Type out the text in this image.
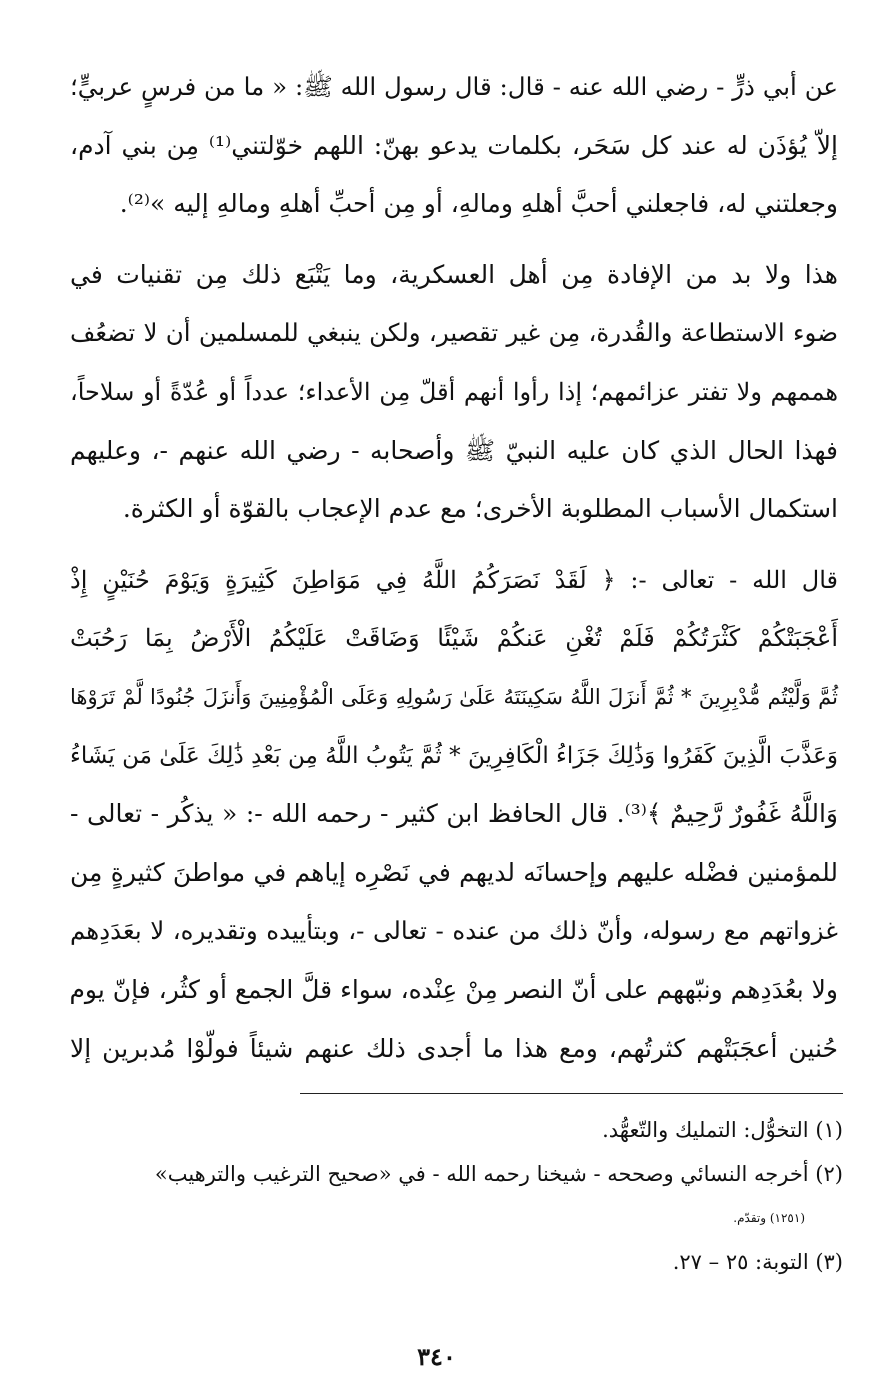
عن أبي ذرٍّ - رضي الله عنه - قال: قال رسول الله ﷺ: « ما من فرسٍ عربيٍّ؛
إلاّ يُؤذَن له عند كل سَحَر، بكلمات يدعو بهنّ: اللهم خوّلتني⁽¹⁾ مِن بني آدم،
وجعلتني له، فاجعلني أحبَّ أهلهِ ومالهِ، أو مِن أحبِّ أهلهِ ومالهِ إليه »⁽²⁾.

هذا ولا بد من الإفادة مِن أهل العسكرية، وما يَتْبَع ذلك مِن تقنيات في
ضوء الاستطاعة والقُدرة، مِن غير تقصير، ولكن ينبغي للمسلمين أن لا تضعُف
هممهم ولا تفتر عزائمهم؛ إذا رأوا أنهم أقلّ مِن الأعداء؛ عدداً أو عُدّةً أو سلاحاً،
فهذا الحال الذي كان عليه النبيّ ﷺ وأصحابه - رضي الله عنهم -، وعليهم
استكمال الأسباب المطلوبة الأخرى؛ مع عدم الإعجاب بالقوّة أو الكثرة.

قال الله - تعالى -: ﴿ لَقَدْ نَصَرَكُمُ اللَّهُ فِي مَوَاطِنَ كَثِيرَةٍ وَيَوْمَ حُنَيْنٍ إِذْ
أَعْجَبَتْكُمْ كَثْرَتُكُمْ فَلَمْ تُغْنِ عَنكُمْ شَيْئًا وَضَاقَتْ عَلَيْكُمُ الْأَرْضُ بِمَا رَحُبَتْ
ثُمَّ وَلَّيْتُم مُّدْبِرِينَ * ثُمَّ أَنزَلَ اللَّهُ سَكِينَتَهُ عَلَىٰ رَسُولِهِ وَعَلَى الْمُؤْمِنِينَ وَأَنزَلَ جُنُودًا لَّمْ تَرَوْهَا
وَعَذَّبَ الَّذِينَ كَفَرُوا وَذَٰلِكَ جَزَاءُ الْكَافِرِينَ * ثُمَّ يَتُوبُ اللَّهُ مِن بَعْدِ ذَٰلِكَ عَلَىٰ مَن يَشَاءُ
وَاللَّهُ غَفُورٌ رَّحِيمٌ ﴾⁽³⁾. قال الحافظ ابن كثير - رحمه الله -: « يذكُر - تعالى -
للمؤمنين فضْله عليهم وإحسانَه لديهم في نَصْرِه إياهم في مواطنَ كثيرةٍ مِن
غزواتهم مع رسوله، وأنّ ذلك من عنده - تعالى -، وبتأييده وتقديره، لا بعَدَدِهم
ولا بعُدَدِهم ونبّههم على أنّ النصر مِنْ عِنْده، سواء قلَّ الجمع أو كثُر، فإنّ يوم
حُنين أعجَبَتْهم كثرتُهم، ومع هذا ما أجدى ذلك عنهم شيئاً فولّوْا مُدبرين إلا

(١) التخوُّل: التمليك والتّعهُّد.
(٢) أخرجه النسائي وصححه - شيخنا رحمه الله - في «صحيح الترغيب والترهيب»
(١٢٥١) وتقدّم.
(٣) التوبة: ٢٥ – ٢٧.
٣٤٠
